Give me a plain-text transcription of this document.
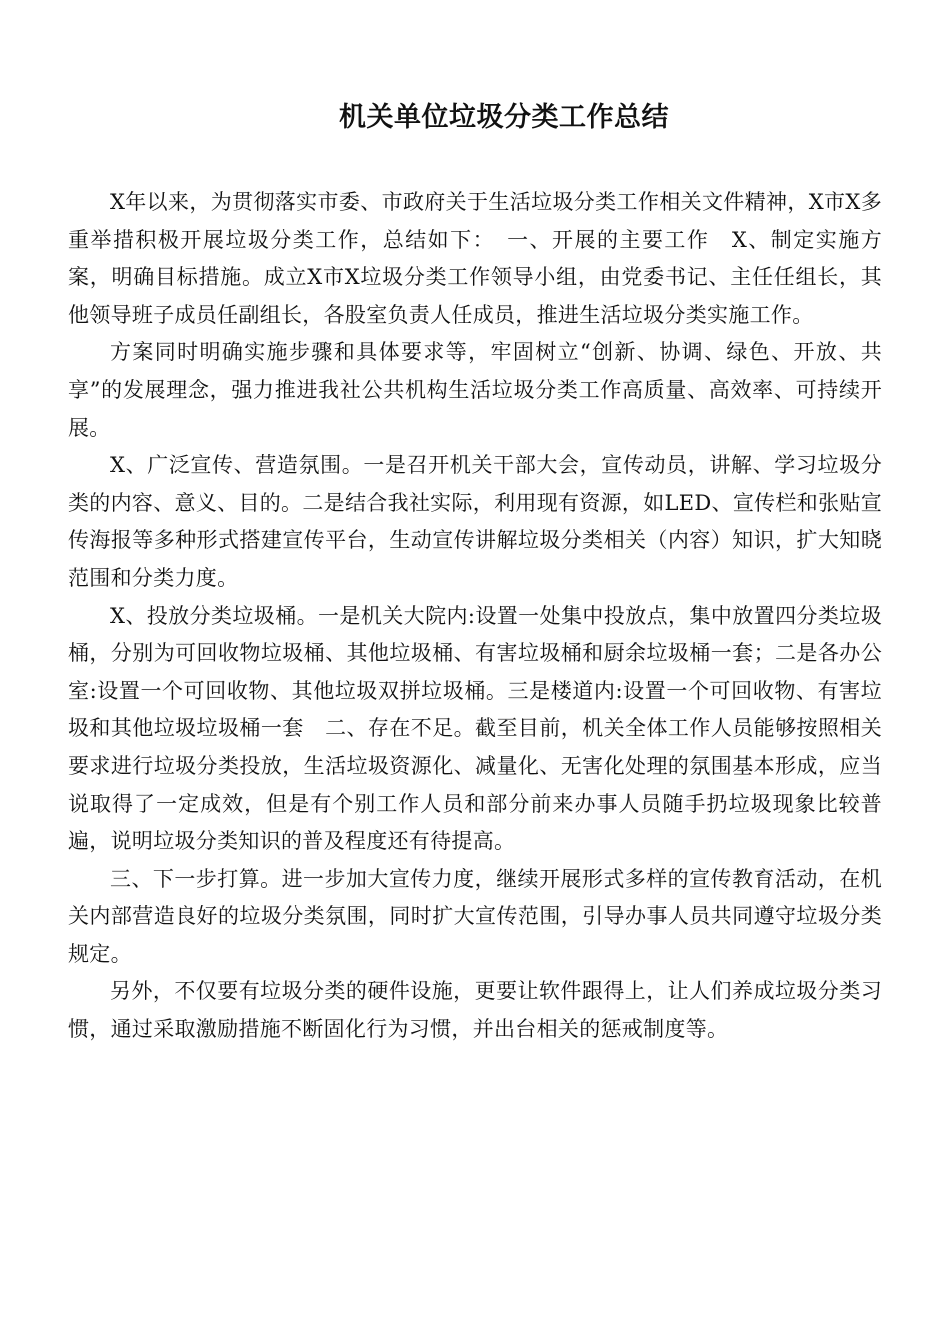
机关单位垃圾分类工作总结

X年以来，为贯彻落实市委、市政府关于生活垃圾分类工作相关文件精神，X市X多重举措积极开展垃圾分类工作，总结如下：　一、开展的主要工作　X、制定实施方案，明确目标措施。成立X市X垃圾分类工作领导小组，由党委书记、主任任组长，其他领导班子成员任副组长，各股室负责人任成员，推进生活垃圾分类实施工作。

方案同时明确实施步骤和具体要求等，牢固树立“创新、协调、绿色、开放、共享”的发展理念，强力推进我社公共机构生活垃圾分类工作高质量、高效率、可持续开展。

X、广泛宣传、营造氛围。一是召开机关干部大会，宣传动员，讲解、学习垃圾分类的内容、意义、目的。二是结合我社实际，利用现有资源，如LED、宣传栏和张贴宣传海报等多种形式搭建宣传平台，生动宣传讲解垃圾分类相关（内容）知识，扩大知晓范围和分类力度。

X、投放分类垃圾桶。一是机关大院内:设置一处集中投放点，集中放置四分类垃圾桶，分别为可回收物垃圾桶、其他垃圾桶、有害垃圾桶和厨余垃圾桶一套；二是各办公室:设置一个可回收物、其他垃圾双拼垃圾桶。三是楼道内:设置一个可回收物、有害垃圾和其他垃圾垃圾桶一套　二、存在不足。截至目前，机关全体工作人员能够按照相关要求进行垃圾分类投放，生活垃圾资源化、减量化、无害化处理的氛围基本形成，应当说取得了一定成效，但是有个别工作人员和部分前来办事人员随手扔垃圾现象比较普遍，说明垃圾分类知识的普及程度还有待提高。

三、下一步打算。进一步加大宣传力度，继续开展形式多样的宣传教育活动，在机关内部营造良好的垃圾分类氛围，同时扩大宣传范围，引导办事人员共同遵守垃圾分类规定。

另外，不仅要有垃圾分类的硬件设施，更要让软件跟得上，让人们养成垃圾分类习惯，通过采取激励措施不断固化行为习惯，并出台相关的惩戒制度等。
